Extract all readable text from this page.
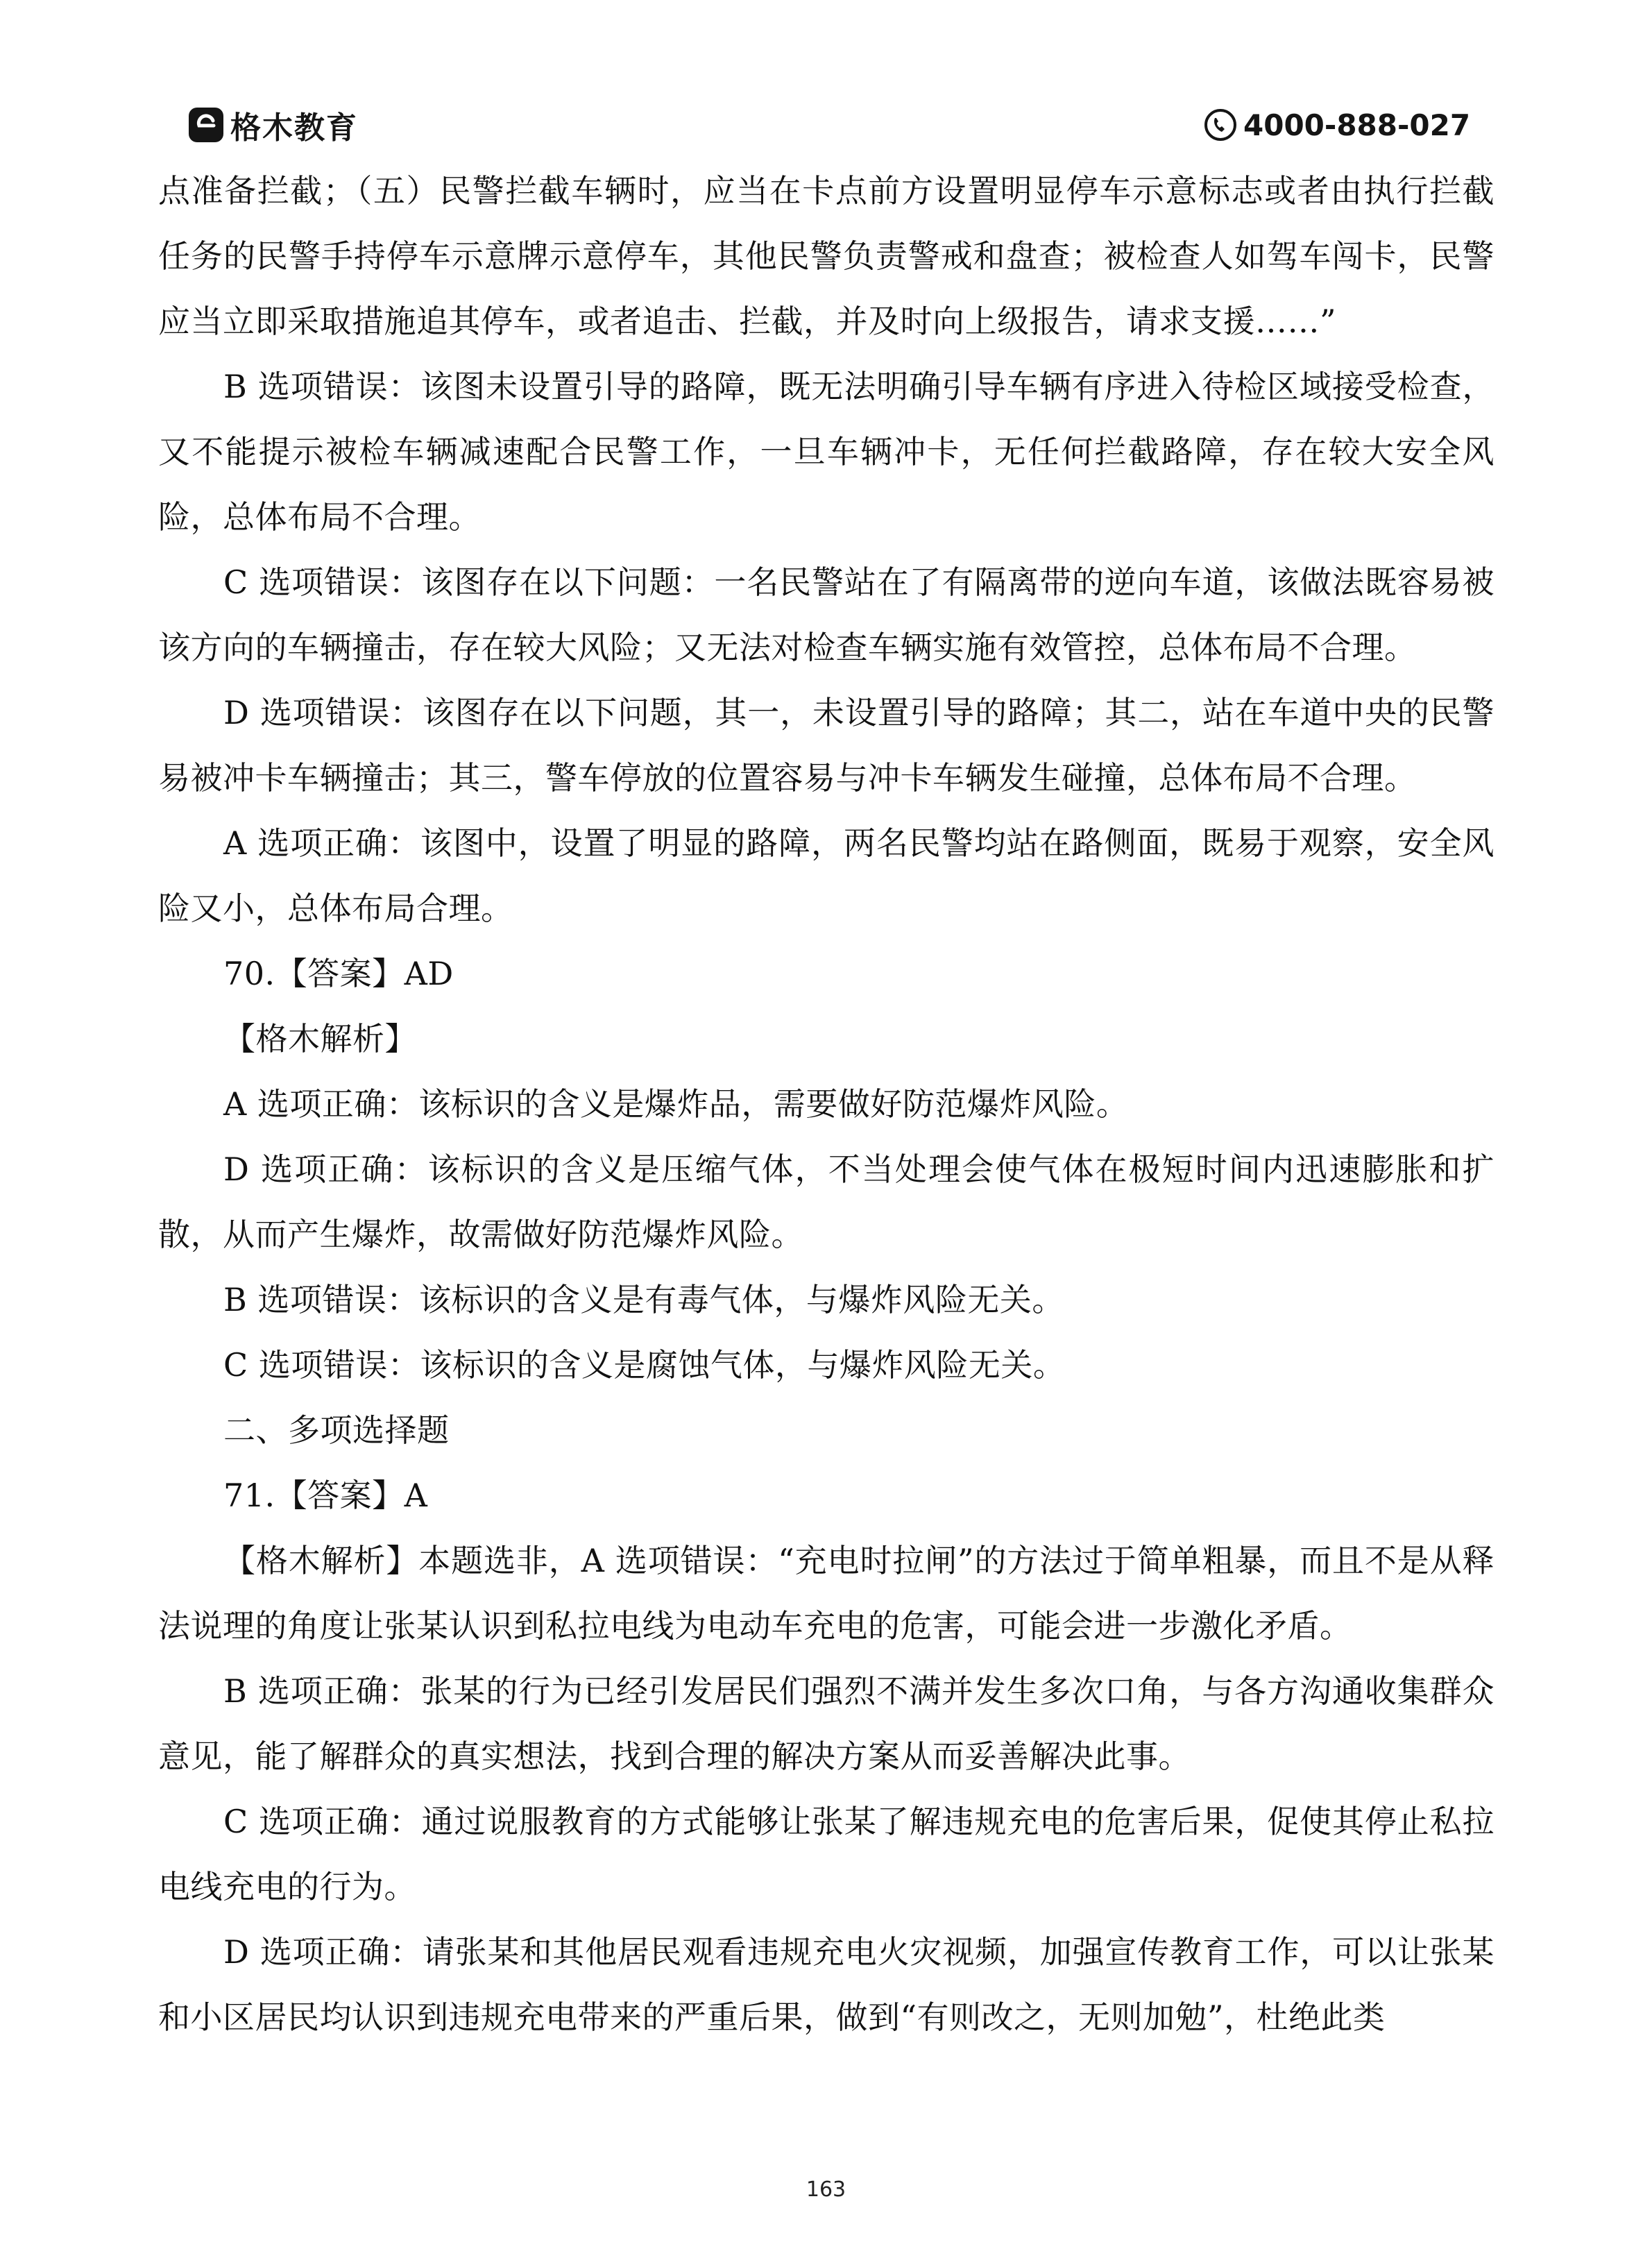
格木教育	4000-888-027

点准备拦截；（五）民警拦截车辆时，应当在卡点前方设置明显停车示意标志或者由执行拦截任务的民警手持停车示意牌示意停车，其他民警负责警戒和盘查；被检查人如驾车闯卡，民警应当立即采取措施追其停车，或者追击、拦截，并及时向上级报告，请求支援……”

B 选项错误：该图未设置引导的路障，既无法明确引导车辆有序进入待检区域接受检查，又不能提示被检车辆减速配合民警工作，一旦车辆冲卡，无任何拦截路障，存在较大安全风险，总体布局不合理。

C 选项错误：该图存在以下问题：一名民警站在了有隔离带的逆向车道，该做法既容易被该方向的车辆撞击，存在较大风险；又无法对检查车辆实施有效管控，总体布局不合理。

D 选项错误：该图存在以下问题，其一，未设置引导的路障；其二，站在车道中央的民警易被冲卡车辆撞击；其三，警车停放的位置容易与冲卡车辆发生碰撞，总体布局不合理。

A 选项正确：该图中，设置了明显的路障，两名民警均站在路侧面，既易于观察，安全风险又小，总体布局合理。

70.【答案】AD

【格木解析】

A 选项正确：该标识的含义是爆炸品，需要做好防范爆炸风险。

D 选项正确：该标识的含义是压缩气体，不当处理会使气体在极短时间内迅速膨胀和扩散，从而产生爆炸，故需做好防范爆炸风险。

B 选项错误：该标识的含义是有毒气体，与爆炸风险无关。

C 选项错误：该标识的含义是腐蚀气体，与爆炸风险无关。

二、多项选择题

71.【答案】A

【格木解析】本题选非，A 选项错误：“充电时拉闸”的方法过于简单粗暴，而且不是从释法说理的角度让张某认识到私拉电线为电动车充电的危害，可能会进一步激化矛盾。

B 选项正确：张某的行为已经引发居民们强烈不满并发生多次口角，与各方沟通收集群众意见，能了解群众的真实想法，找到合理的解决方案从而妥善解决此事。

C 选项正确：通过说服教育的方式能够让张某了解违规充电的危害后果，促使其停止私拉电线充电的行为。

D 选项正确：请张某和其他居民观看违规充电火灾视频，加强宣传教育工作，可以让张某和小区居民均认识到违规充电带来的严重后果，做到“有则改之，无则加勉”，杜绝此类

163
